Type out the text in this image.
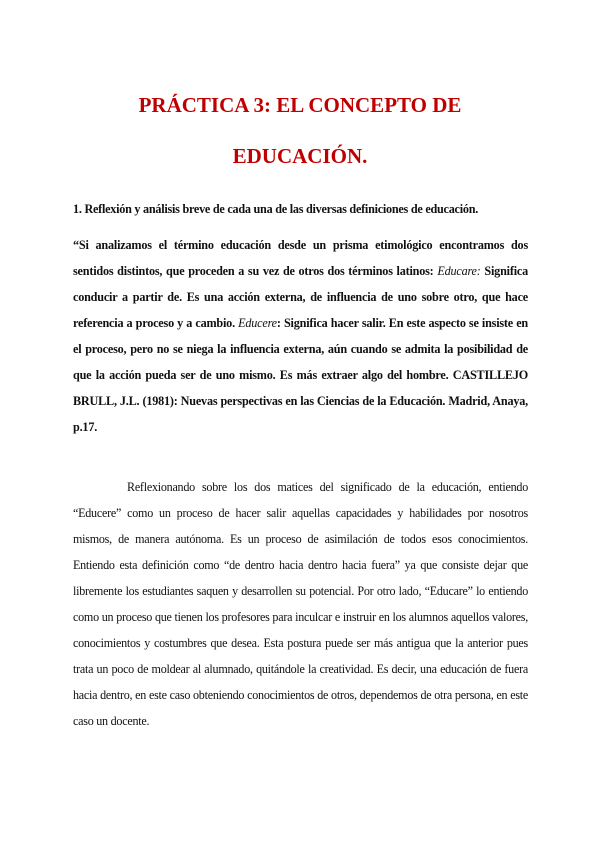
PRÁCTICA 3: EL CONCEPTO DE
EDUCACIÓN.

1. Reflexión y análisis breve de cada una de las diversas definiciones de educación.

“Si analizamos el término educación desde un prisma etimológico encontramos dos sentidos distintos, que proceden a su vez de otros dos términos latinos: Educare: Significa conducir a partir de. Es una acción externa, de influencia de uno sobre otro, que hace referencia a proceso y a cambio. Educere: Significa hacer salir. En este aspecto se insiste en el proceso, pero no se niega la influencia externa, aún cuando se admita la posibilidad de que la acción pueda ser de uno mismo. Es más extraer algo del hombre. CASTILLEJO BRULL, J.L. (1981): Nuevas perspectivas en las Ciencias de la Educación. Madrid, Anaya, p.17.

Reflexionando sobre los dos matices del significado de la educación, entiendo “Educere” como un proceso de hacer salir aquellas capacidades y habilidades por nosotros mismos, de manera autónoma. Es un proceso de asimilación de todos esos conocimientos. Entiendo esta definición como “de dentro hacia dentro hacia fuera” ya que consiste dejar que libremente los estudiantes saquen y desarrollen su potencial. Por otro lado, “Educare” lo entiendo como un proceso que tienen los profesores para inculcar e instruir en los alumnos aquellos valores, conocimientos y costumbres que desea. Esta postura puede ser más antigua que la anterior pues trata un poco de moldear al alumnado, quitándole la creatividad. Es decir, una educación de fuera hacia dentro, en este caso obteniendo conocimientos de otros, dependemos de otra persona, en este caso un docente.
